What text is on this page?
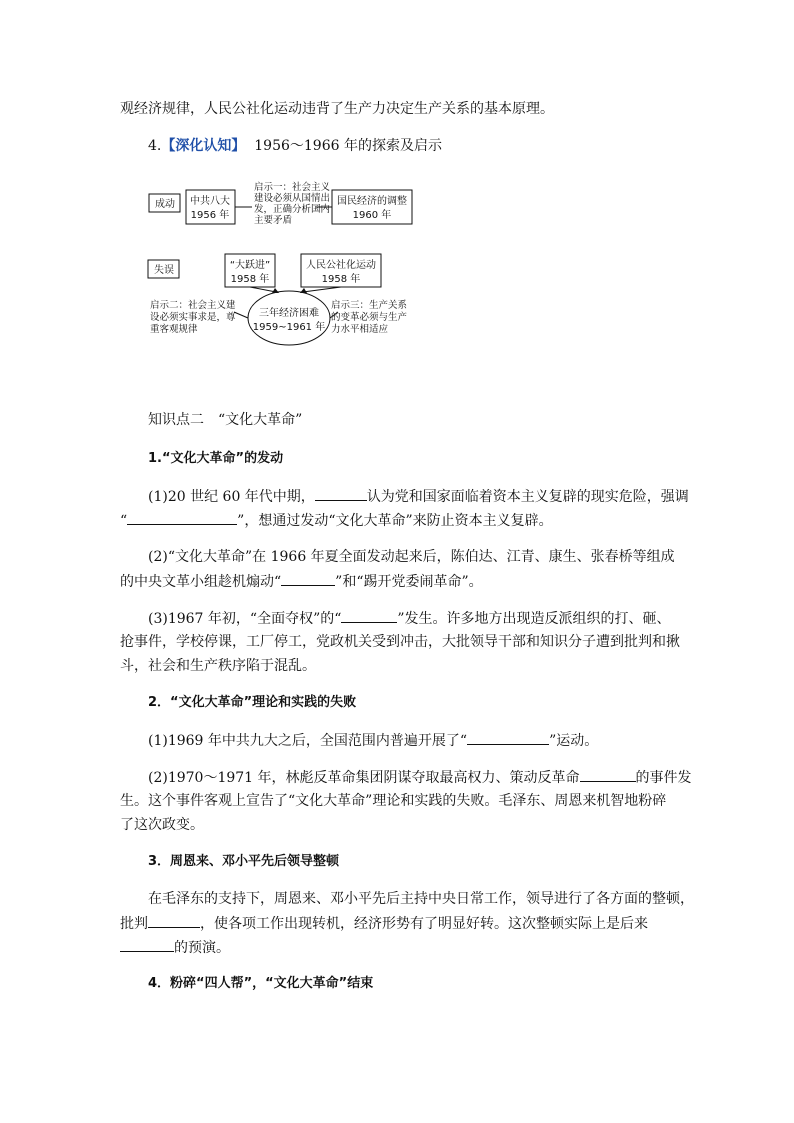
观经济规律，人民公社化运动违背了生产力决定生产关系的基本原理。
4.【深化认知】 1956～1966 年的探索及启示
成动
失误
中共八大
1956 年
国民经济的调整
1960 年
“大跃进”
1958 年
人民公社化运动
1958 年
三年经济困难
1959~1961 年
启示一：社会主义
建设必须从国情出
发，正确分析国内
主要矛盾
启示二：社会主义建
设必须实事求是，尊
重客观规律
启示三：生产关系
的变革必须与生产
力水平相适应
知识点二　“文化大革命”
1.“文化大革命”的发动
(1)20 世纪 60 年代中期，	认为党和国家面临着资本主义复辟的现实危险，强调
“	”，想通过发动“文化大革命”来防止资本主义复辟。
(2)“文化大革命”在 1966 年夏全面发动起来后，陈伯达、江青、康生、张春桥等组成
的中央文革小组趁机煽动“	”和“踢开党委闹革命”。
(3)1967 年初，“全面夺权”的“	”发生。许多地方出现造反派组织的打、砸、
抢事件，学校停课，工厂停工，党政机关受到冲击，大批领导干部和知识分子遭到批判和揪
斗，社会和生产秩序陷于混乱。
2．“文化大革命”理论和实践的失败
(1)1969 年中共九大之后，全国范围内普遍开展了“	”运动。
(2)1970～1971 年，林彪反革命集团阴谋夺取最高权力、策动反革命	的事件发
生。这个事件客观上宣告了“文化大革命”理论和实践的失败。毛泽东、周恩来机智地粉碎
了这次政变。
3．周恩来、邓小平先后领导整顿
在毛泽东的支持下，周恩来、邓小平先后主持中央日常工作，领导进行了各方面的整顿，
批判	，使各项工作出现转机，经济形势有了明显好转。这次整顿实际上是后来
的预演。
4．粉碎“四人帮”，“文化大革命”结束
